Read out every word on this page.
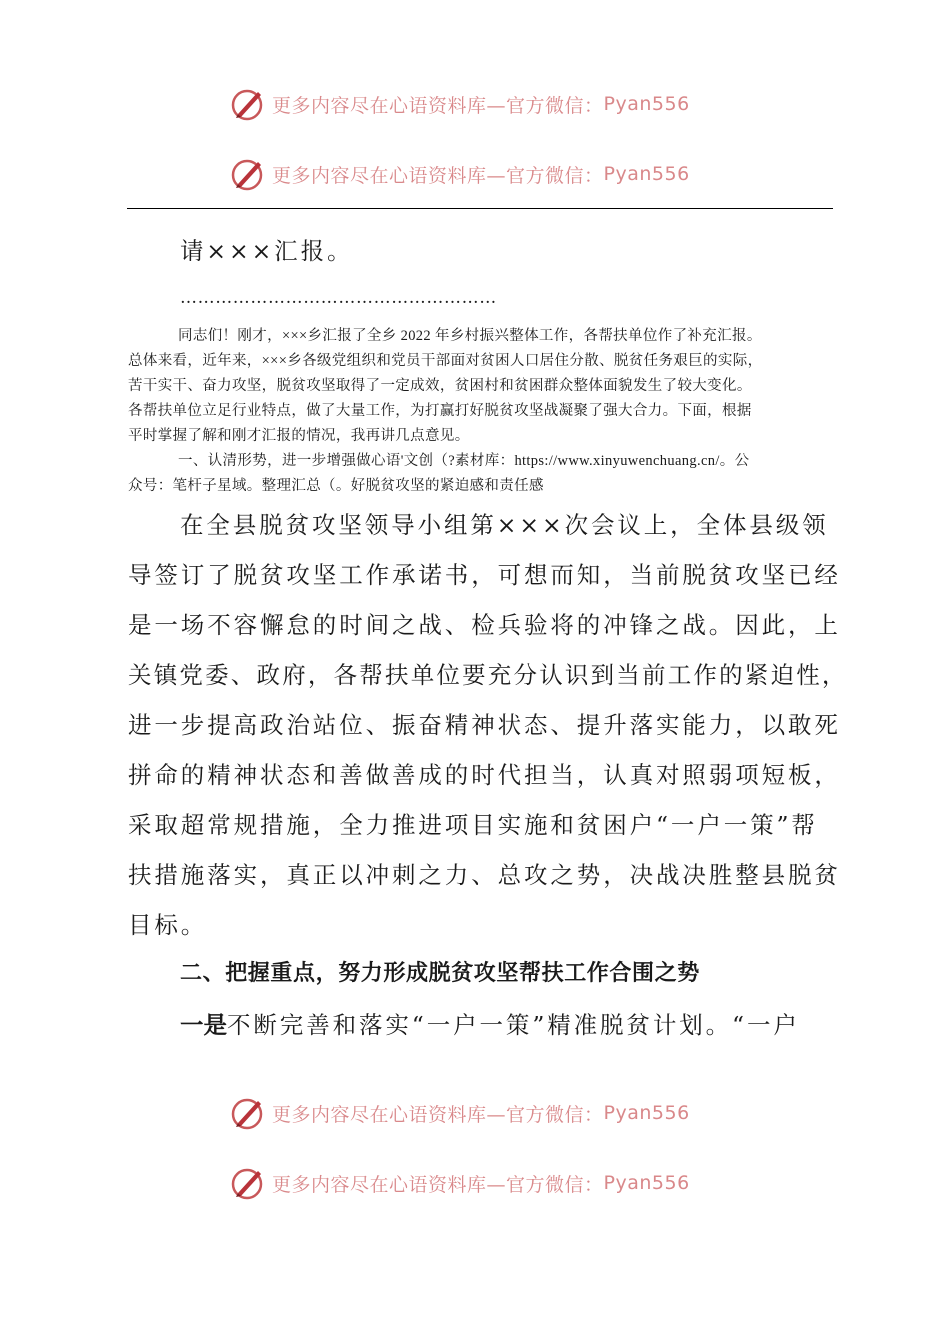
更多内容尽在心语资料库—官方微信： Pyan556
更多内容尽在心语资料库—官方微信： Pyan556
请×××汇报。
………………………………………………
同志们！刚才，×××乡汇报了全乡 2022 年乡村振兴整体工作，各帮扶单位作了补充汇报。
总体来看，近年来，×××乡各级党组织和党员干部面对贫困人口居住分散、脱贫任务艰巨的实际，
苦干实干、奋力攻坚，脱贫攻坚取得了一定成效，贫困村和贫困群众整体面貌发生了较大变化。
各帮扶单位立足行业特点，做了大量工作，为打赢打好脱贫攻坚战凝聚了强大合力。下面，根据
平时掌握了解和刚才汇报的情况，我再讲几点意见。
一、认清形势，进一步增强做心语'文创（?素材库：https://www.xinyuwenchuang.cn/。公
众号：笔杆子星域。整理汇总（。好脱贫攻坚的紧迫感和责任感
在全县脱贫攻坚领导小组第×××次会议上，全体县级领
导签订了脱贫攻坚工作承诺书，可想而知，当前脱贫攻坚已经
是一场不容懈怠的时间之战、检兵验将的冲锋之战。因此，上
关镇党委、政府，各帮扶单位要充分认识到当前工作的紧迫性，
进一步提高政治站位、振奋精神状态、提升落实能力，以敢死
拼命的精神状态和善做善成的时代担当，认真对照弱项短板，
采取超常规措施，全力推进项目实施和贫困户“一户一策”帮
扶措施落实，真正以冲刺之力、总攻之势，决战决胜整县脱贫
目标。
二、把握重点，努力形成脱贫攻坚帮扶工作合围之势
一是不断完善和落实“一户一策”精准脱贫计划。“一户
更多内容尽在心语资料库—官方微信： Pyan556
更多内容尽在心语资料库—官方微信： Pyan556
